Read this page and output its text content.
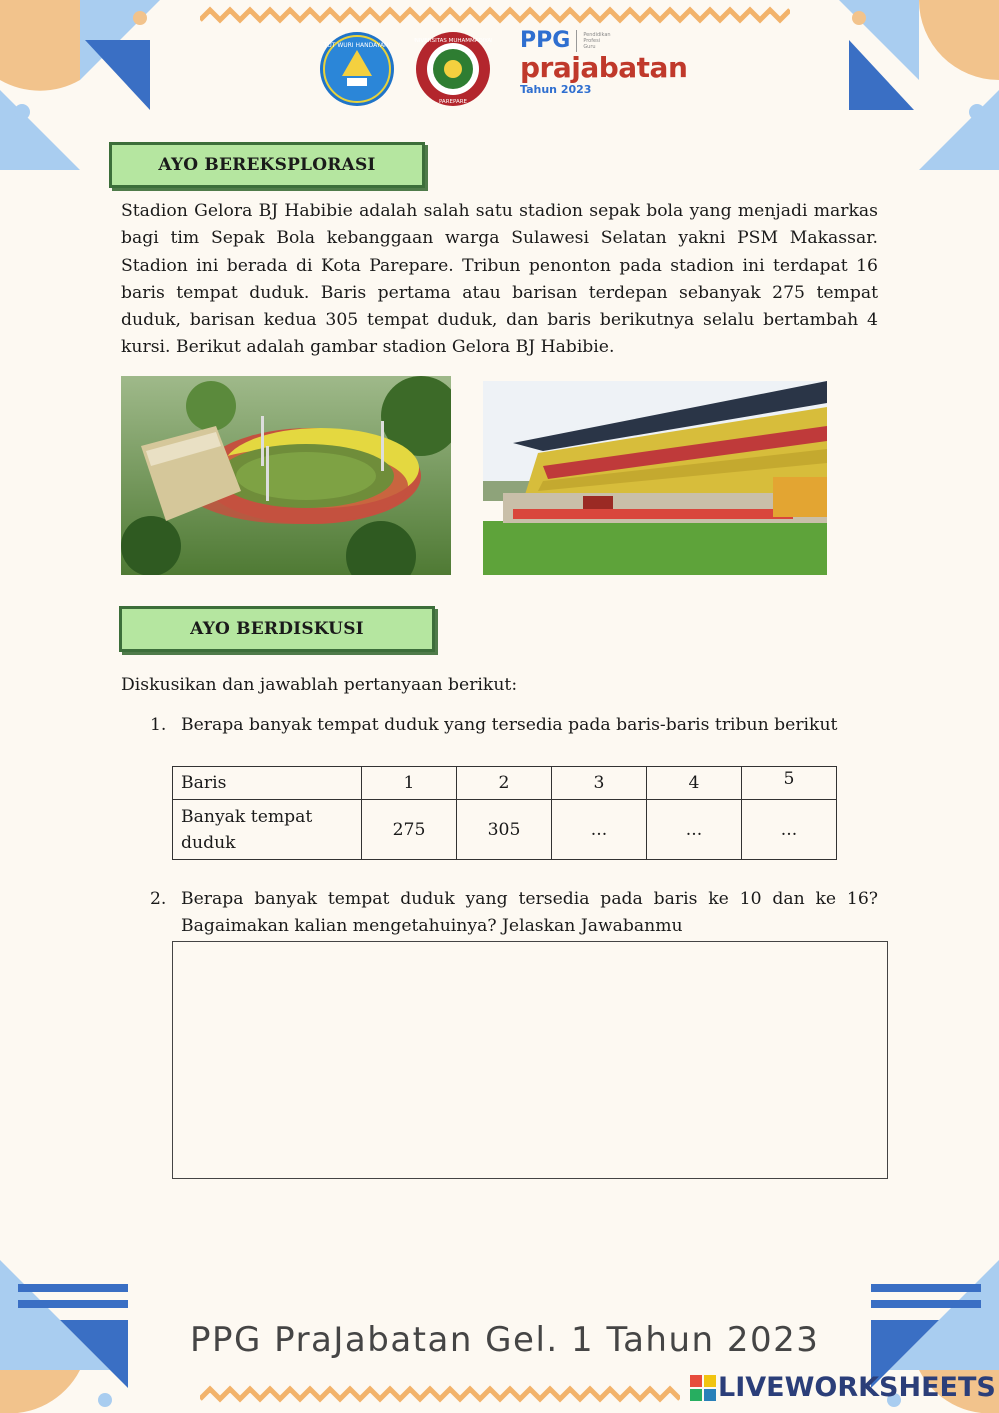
TUT WURI HANDAYANI
UNIVERSITAS MUHAMMADIYAH
PAREPARE
PPG	Pendidikan
Profesi
Guru
prajabatan
Tahun 2023
AYO BEREKSPLORASI
Stadion Gelora BJ Habibie adalah salah satu stadion sepak bola yang menjadi markas bagi tim Sepak Bola kebanggaan warga Sulawesi Selatan yakni PSM Makassar. Stadion ini berada di Kota Parepare. Tribun penonton pada stadion ini terdapat 16 baris tempat duduk. Baris pertama atau barisan terdepan sebanyak 275 tempat duduk, barisan kedua 305 tempat duduk, dan baris berikutnya selalu bertambah 4 kursi. Berikut adalah gambar stadion Gelora BJ Habibie.
AYO BERDISKUSI
Diskusikan dan jawablah pertanyaan berikut:
1. Berapa banyak tempat duduk yang tersedia pada baris-baris tribun berikut
Baris	1	2	3	4	5
Banyak tempat duduk	275	305	...	...	...
2. Berapa banyak tempat duduk yang tersedia pada baris ke 10 dan ke 16?
Bagaimakan kalian mengetahuinya? Jelaskan Jawabanmu
PPG PraJabatan Gel. 1 Tahun 2023
LIVEWORKSHEETS
